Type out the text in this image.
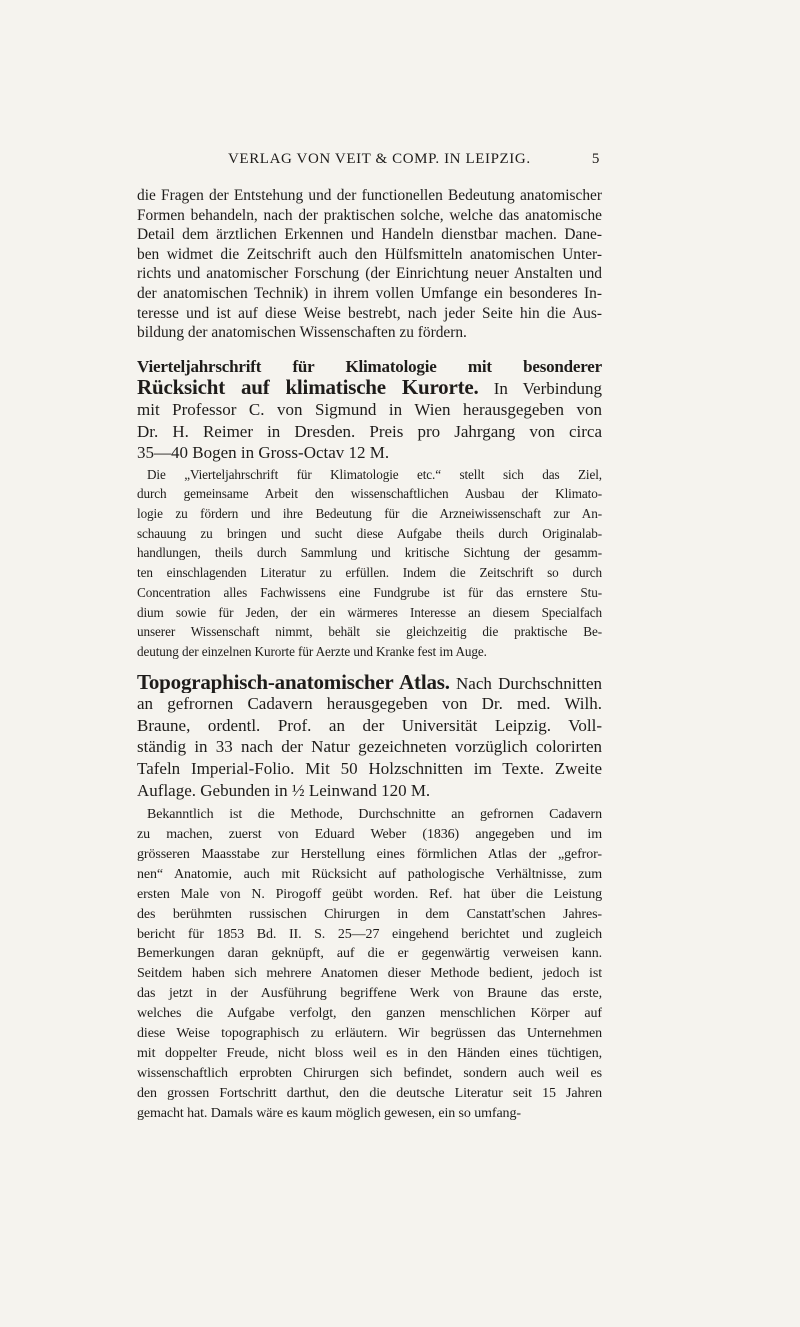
VERLAG VON VEIT & COMP. IN LEIPZIG.	5
die Fragen der Entstehung und der functionellen Bedeutung anatomischer
Formen behandeln, nach der praktischen solche, welche das anatomische
Detail dem ärztlichen Erkennen und Handeln dienstbar machen. Dane-
ben widmet die Zeitschrift auch den Hülfsmitteln anatomischen Unter-
richts und anatomischer Forschung (der Einrichtung neuer Anstalten und
der anatomischen Technik) in ihrem vollen Umfange ein besonderes In-
teresse und ist auf diese Weise bestrebt, nach jeder Seite hin die Aus-
bildung der anatomischen Wissenschaften zu fördern.
Vierteljahrschrift für Klimatologie mit besonderer
Rücksicht auf klimatische Kurorte. In Verbindung
mit Professor C. von Sigmund in Wien herausgegeben von
Dr. H. Reimer in Dresden. Preis pro Jahrgang von circa
35—40 Bogen in Gross-Octav 12 M.
Die „Vierteljahrschrift für Klimatologie etc.“ stellt sich das Ziel,
durch gemeinsame Arbeit den wissenschaftlichen Ausbau der Klimato-
logie zu fördern und ihre Bedeutung für die Arzneiwissenschaft zur An-
schauung zu bringen und sucht diese Aufgabe theils durch Originalab-
handlungen, theils durch Sammlung und kritische Sichtung der gesamm-
ten einschlagenden Literatur zu erfüllen. Indem die Zeitschrift so durch
Concentration alles Fachwissens eine Fundgrube ist für das ernstere Stu-
dium sowie für Jeden, der ein wärmeres Interesse an diesem Specialfach
unserer Wissenschaft nimmt, behält sie gleichzeitig die praktische Be-
deutung der einzelnen Kurorte für Aerzte und Kranke fest im Auge.
Topographisch-anatomischer Atlas. Nach Durchschnitten
an gefrornen Cadavern herausgegeben von Dr. med. Wilh.
Braune, ordentl. Prof. an der Universität Leipzig. Voll-
ständig in 33 nach der Natur gezeichneten vorzüglich colorirten
Tafeln Imperial-Folio. Mit 50 Holzschnitten im Texte. Zweite
Auflage. Gebunden in ½ Leinwand 120 M.
Bekanntlich ist die Methode, Durchschnitte an gefrornen Cadavern
zu machen, zuerst von Eduard Weber (1836) angegeben und im
grösseren Maasstabe zur Herstellung eines förmlichen Atlas der „gefror-
nen“ Anatomie, auch mit Rücksicht auf pathologische Verhältnisse, zum
ersten Male von N. Pirogoff geübt worden. Ref. hat über die Leistung
des berühmten russischen Chirurgen in dem Canstatt'schen Jahres-
bericht für 1853 Bd. II. S. 25—27 eingehend berichtet und zugleich
Bemerkungen daran geknüpft, auf die er gegenwärtig verweisen kann.
Seitdem haben sich mehrere Anatomen dieser Methode bedient, jedoch ist
das jetzt in der Ausführung begriffene Werk von Braune das erste,
welches die Aufgabe verfolgt, den ganzen menschlichen Körper auf
diese Weise topographisch zu erläutern. Wir begrüssen das Unternehmen
mit doppelter Freude, nicht bloss weil es in den Händen eines tüchtigen,
wissenschaftlich erprobten Chirurgen sich befindet, sondern auch weil es
den grossen Fortschritt darthut, den die deutsche Literatur seit 15 Jahren
gemacht hat. Damals wäre es kaum möglich gewesen, ein so umfang-
